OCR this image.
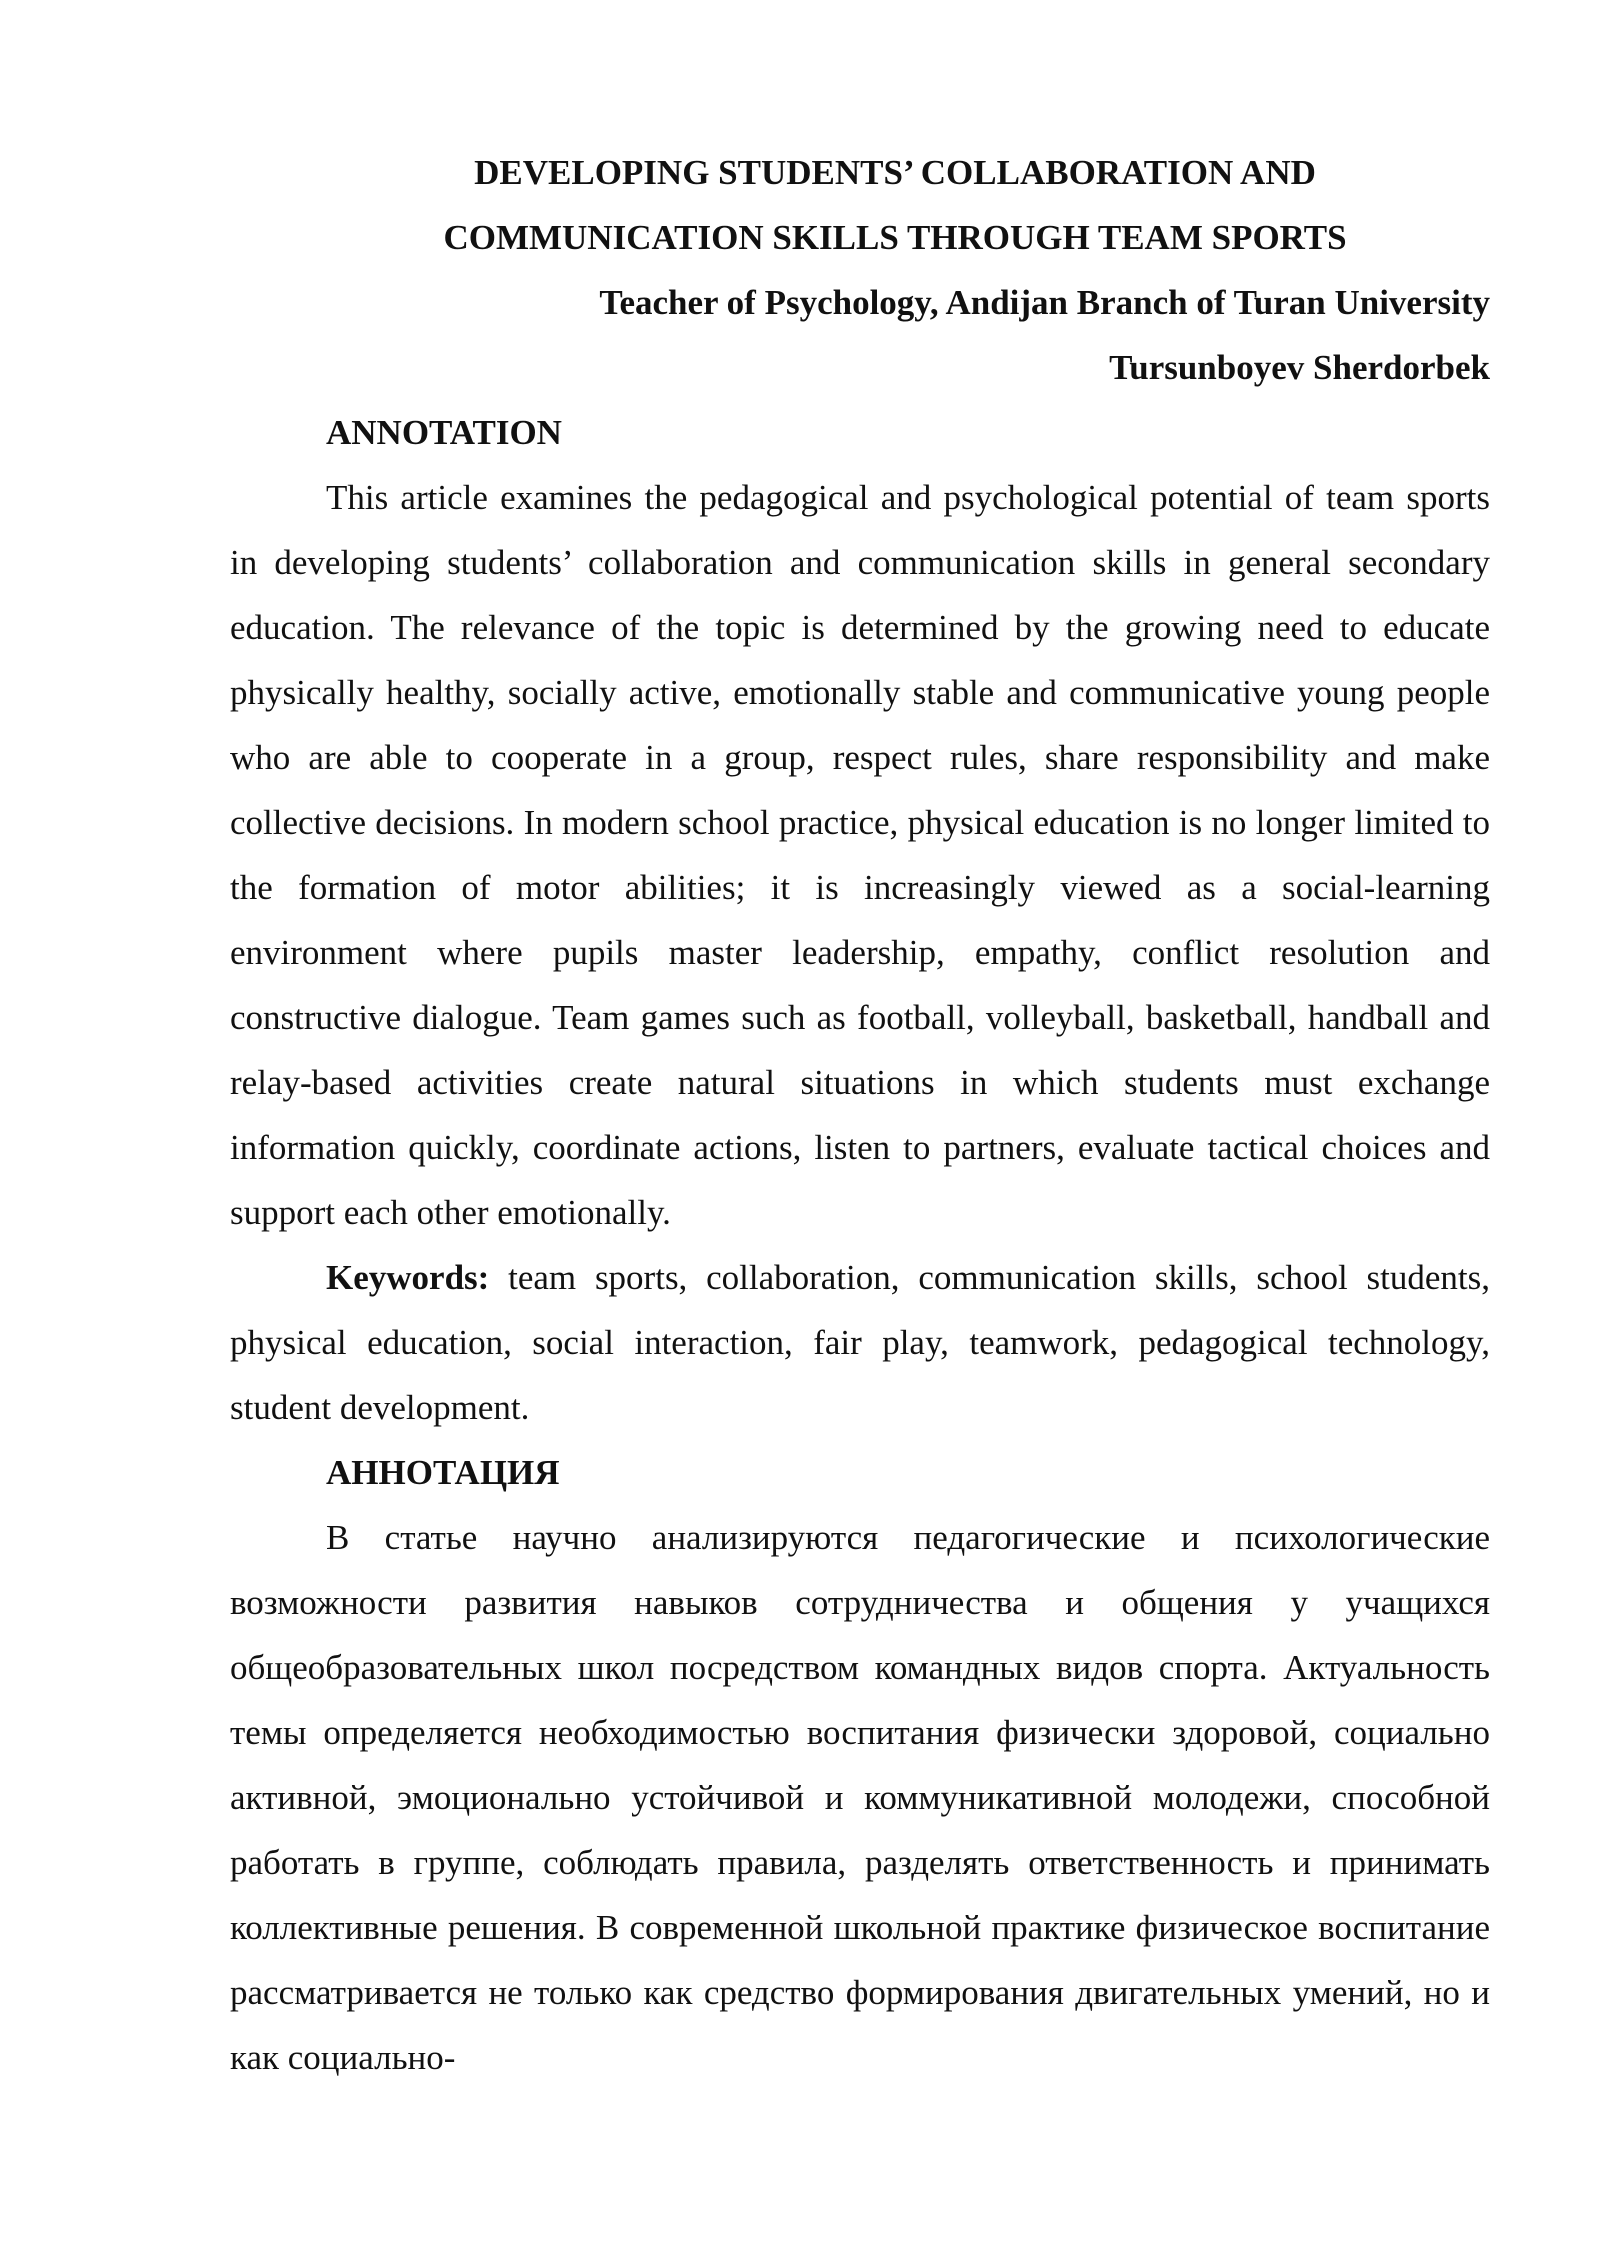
DEVELOPING STUDENTS’ COLLABORATION AND

COMMUNICATION SKILLS THROUGH TEAM SPORTS

Teacher of Psychology, Andijan Branch of Turan University

Tursunboyev Sherdorbek

ANNOTATION

This article examines the pedagogical and psychological potential of team sports in developing students’ collaboration and communication skills in general secondary education. The relevance of the topic is determined by the growing need to educate physically healthy, socially active, emotionally stable and communicative young people who are able to cooperate in a group, respect rules, share responsibility and make collective decisions. In modern school practice, physical education is no longer limited to the formation of motor abilities; it is increasingly viewed as a social-learning environment where pupils master leadership, empathy, conflict resolution and constructive dialogue. Team games such as football, volleyball, basketball, handball and relay-based activities create natural situations in which students must exchange information quickly, coordinate actions, listen to partners, evaluate tactical choices and support each other emotionally.

Keywords: team sports, collaboration, communication skills, school students, physical education, social interaction, fair play, teamwork, pedagogical technology, student development.

АННОТАЦИЯ

В статье научно анализируются педагогические и психологические возможности развития навыков сотрудничества и общения у учащихся общеобразовательных школ посредством командных видов спорта. Актуальность темы определяется необходимостью воспитания физически здоровой, социально активной, эмоционально устойчивой и коммуникативной молодежи, способной работать в группе, соблюдать правила, разделять ответственность и принимать коллективные решения. В современной школьной практике физическое воспитание рассматривается не только как средство формирования двигательных умений, но и как социально-
